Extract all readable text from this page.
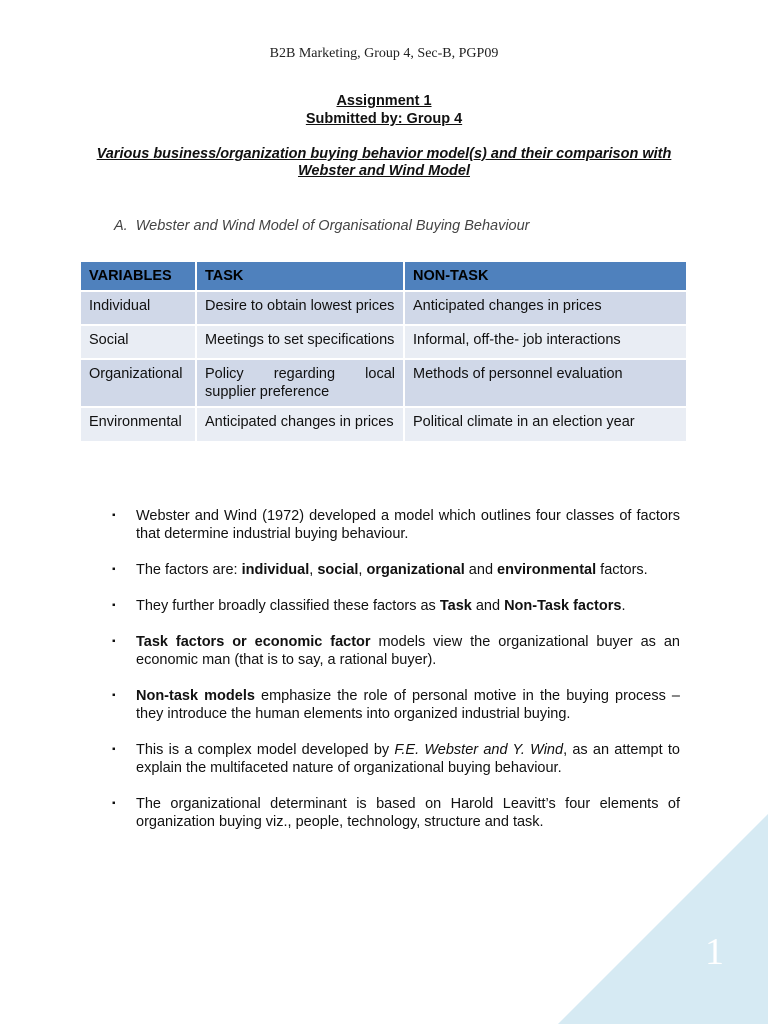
B2B Marketing, Group 4, Sec-B, PGP09
Assignment 1
Submitted by: Group 4
Various business/organization buying behavior model(s) and their comparison with Webster and Wind Model
A.  Webster and Wind Model of Organisational Buying Behaviour
VARIABLES	TASK	NON-TASK
Individual	Desire to obtain lowest prices	Anticipated changes in prices
Social	Meetings to set specifications	Informal, off-the- job interactions
Organizational	Policy regarding local supplier preference	Methods of personnel evaluation
Environmental	Anticipated changes in prices	Political climate in an election year
▪ Webster and Wind (1972) developed a model which outlines four classes of factors that determine industrial buying behaviour.
▪ The factors are: individual, social, organizational and environmental factors.
▪ They further broadly classified these factors as Task and Non-Task factors.
▪ Task factors or economic factor models view the organizational buyer as an economic man (that is to say, a rational buyer).
▪ Non-task models emphasize the role of personal motive in the buying process – they introduce the human elements into organized industrial buying.
▪ This is a complex model developed by F.E. Webster and Y. Wind, as an attempt to explain the multifaceted nature of organizational buying behaviour.
▪ The organizational determinant is based on Harold Leavitt’s four elements of organization buying viz., people, technology, structure and task.
1
